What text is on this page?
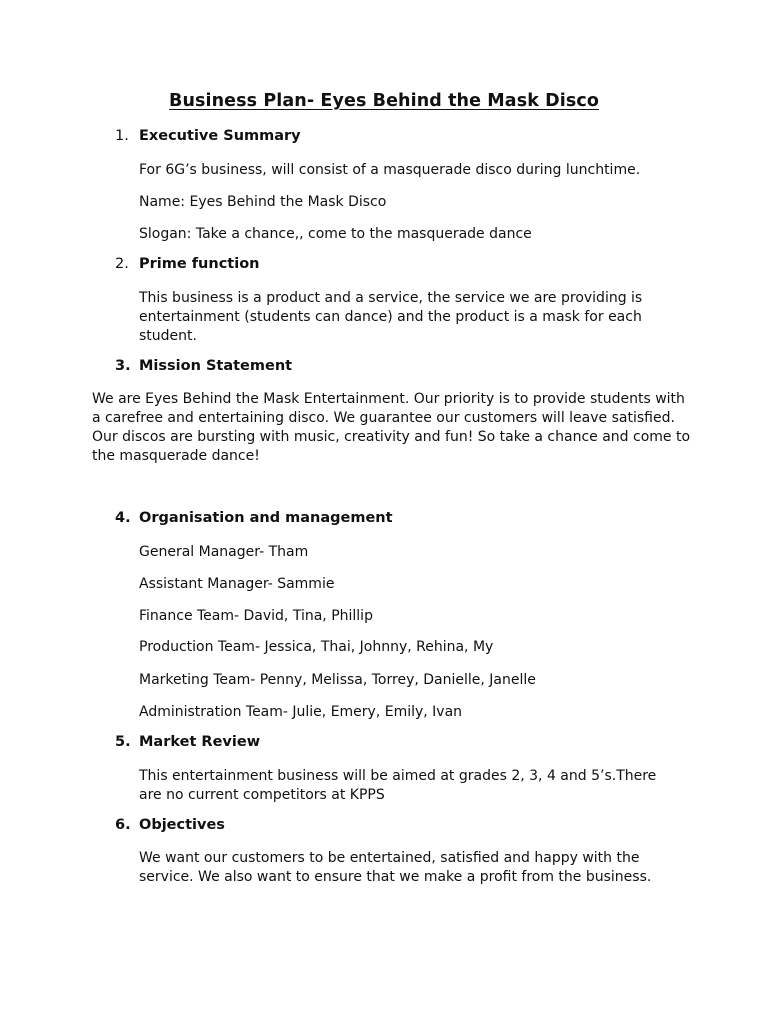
Business Plan- Eyes Behind the Mask Disco
1. Executive Summary
For 6G’s business, will consist of a masquerade disco during lunchtime.
Name: Eyes Behind the Mask Disco
Slogan: Take a chance,, come to the masquerade dance
2. Prime function
This business is a product and a service, the service we are providing is entertainment (students can dance) and the product is a mask for each student.
3. Mission Statement
We are Eyes Behind the Mask Entertainment. Our priority is to provide students with a carefree and entertaining disco. We guarantee our customers will leave satisfied. Our discos are bursting with music, creativity and fun! So take a chance and come to the masquerade dance!
4. Organisation and management
General Manager- Tham
Assistant Manager- Sammie
Finance Team- David, Tina, Phillip
Production Team- Jessica, Thai, Johnny, Rehina, My
Marketing Team- Penny, Melissa, Torrey, Danielle, Janelle
Administration Team- Julie, Emery, Emily, Ivan
5. Market Review
This entertainment business will be aimed at grades 2, 3, 4 and 5’s.There are no current competitors at KPPS
6. Objectives
We want our customers to be entertained, satisfied and happy with the service. We also want to ensure that we make a profit from the business.
